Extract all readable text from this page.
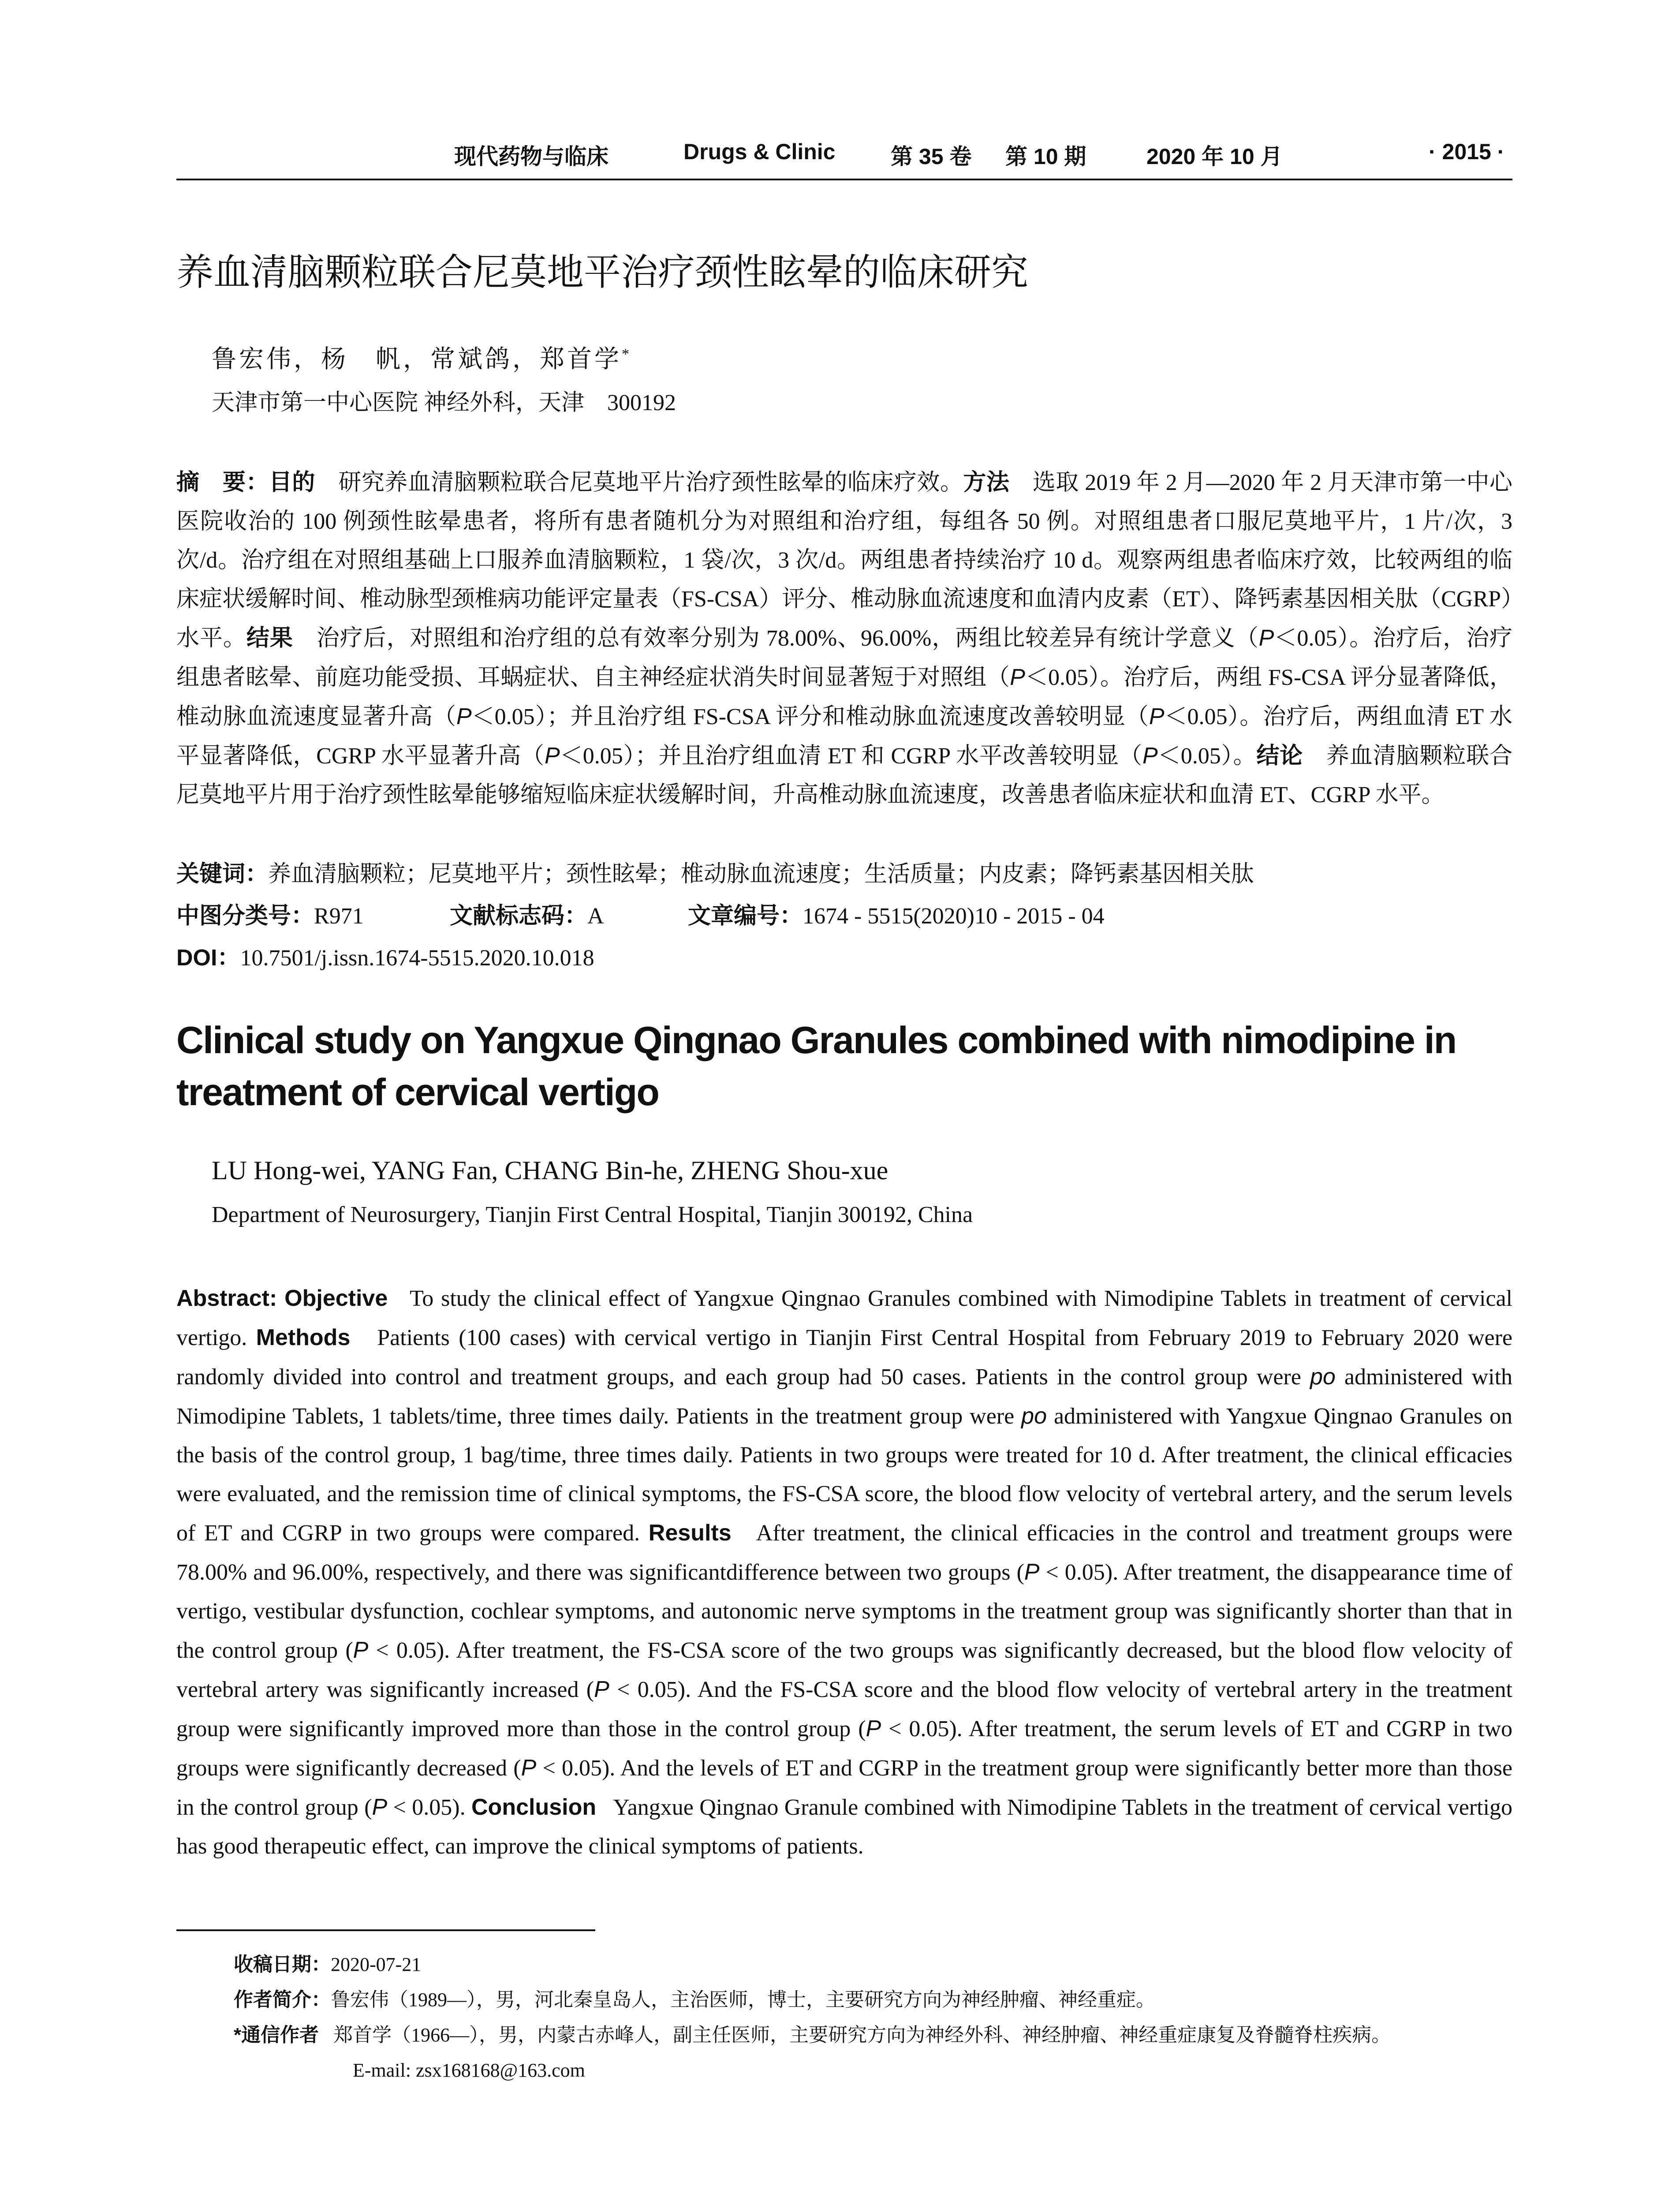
现代药物与临床	Drugs & Clinic	第 35 卷 第 10 期	2020 年 10 月	· 2015 ·
养血清脑颗粒联合尼莫地平治疗颈性眩晕的临床研究
鲁宏伟，杨　帆，常斌鸽，郑首学*
天津市第一中心医院 神经外科，天津　300192
摘　要：目的　 研究养血清脑颗粒联合尼莫地平片治疗颈性眩晕的临床疗效。方法　 选取 2019 年 2 月—2020 年 2 月天津市第一中心医院收治的 100 例颈性眩晕患者，将所有患者随机分为对照组和治疗组，每组各 50 例。对照组患者口服尼莫地平片，1 片/次，3 次/d。治疗组在对照组基础上口服养血清脑颗粒，1 袋/次，3 次/d。两组患者持续治疗 10 d。观察两组患者临床疗效，比较两组的临床症状缓解时间、椎动脉型颈椎病功能评定量表（FS-CSA）评分、椎动脉血流速度和血清内皮素（ET）、降钙素基因相关肽（CGRP）水平。结果　 治疗后，对照组和治疗组的总有效率分别为 78.00%、96.00%，两组比较差异有统计学意义（P＜0.05）。治疗后，治疗组患者眩晕、前庭功能受损、耳蜗症状、自主神经症状消失时间显著短于对照组（P＜0.05）。治疗后，两组 FS-CSA 评分显著降低，椎动脉血流速度显著升高（P＜0.05）；并且治疗组 FS-CSA 评分和椎动脉血流速度改善较明显（P＜0.05）。治疗后，两组血清 ET 水平显著降低，CGRP 水平显著升高（P＜0.05）；并且治疗组血清 ET 和 CGRP 水平改善较明显（P＜0.05）。结论　 养血清脑颗粒联合尼莫地平片用于治疗颈性眩晕能够缩短临床症状缓解时间，升高椎动脉血流速度，改善患者临床症状和血清 ET、CGRP 水平。
关键词：养血清脑颗粒；尼莫地平片；颈性眩晕；椎动脉血流速度；生活质量；内皮素；降钙素基因相关肽
中图分类号：R971	文献标志码：A	文章编号：1674 - 5515(2020)10 - 2015 - 04
DOI：10.7501/j.issn.1674-5515.2020.10.018
Clinical study on Yangxue Qingnao Granules combined with nimodipine in treatment of cervical vertigo
LU Hong-wei, YANG Fan, CHANG Bin-he, ZHENG Shou-xue
Department of Neurosurgery, Tianjin First Central Hospital, Tianjin 300192, China
Abstract: Objective To study the clinical effect of Yangxue Qingnao Granules combined with Nimodipine Tablets in treatment of cervical vertigo. Methods Patients (100 cases) with cervical vertigo in Tianjin First Central Hospital from February 2019 to February 2020 were randomly divided into control and treatment groups, and each group had 50 cases. Patients in the control group were po administered with Nimodipine Tablets, 1 tablets/time, three times daily. Patients in the treatment group were po administered with Yangxue Qingnao Granules on the basis of the control group, 1 bag/time, three times daily. Patients in two groups were treated for 10 d. After treatment, the clinical efficacies were evaluated, and the remission time of clinical symptoms, the FS-CSA score, the blood flow velocity of vertebral artery, and the serum levels of ET and CGRP in two groups were compared. Results After treatment, the clinical efficacies in the control and treatment groups were 78.00% and 96.00%, respectively, and there was significantdifference between two groups (P < 0.05). After treatment, the disappearance time of vertigo, vestibular dysfunction, cochlear symptoms, and autonomic nerve symptoms in the treatment group was significantly shorter than that in the control group (P < 0.05). After treatment, the FS-CSA score of the two groups was significantly decreased, but the blood flow velocity of vertebral artery was significantly increased (P < 0.05). And the FS-CSA score and the blood flow velocity of vertebral artery in the treatment group were significantly improved more than those in the control group (P < 0.05). After treatment, the serum levels of ET and CGRP in two groups were significantly decreased (P < 0.05). And the levels of ET and CGRP in the treatment group were significantly better more than those in the control group (P < 0.05). Conclusion Yangxue Qingnao Granule combined with Nimodipine Tablets in the treatment of cervical vertigo has good therapeutic effect, can improve the clinical symptoms of patients.
收稿日期：2020-07-21
作者简介：鲁宏伟（1989—），男，河北秦皇岛人，主治医师，博士，主要研究方向为神经肿瘤、神经重症。
*通信作者 郑首学（1966—），男，内蒙古赤峰人，副主任医师，主要研究方向为神经外科、神经肿瘤、神经重症康复及脊髓脊柱疾病。
E-mail: zsx168168@163.com
